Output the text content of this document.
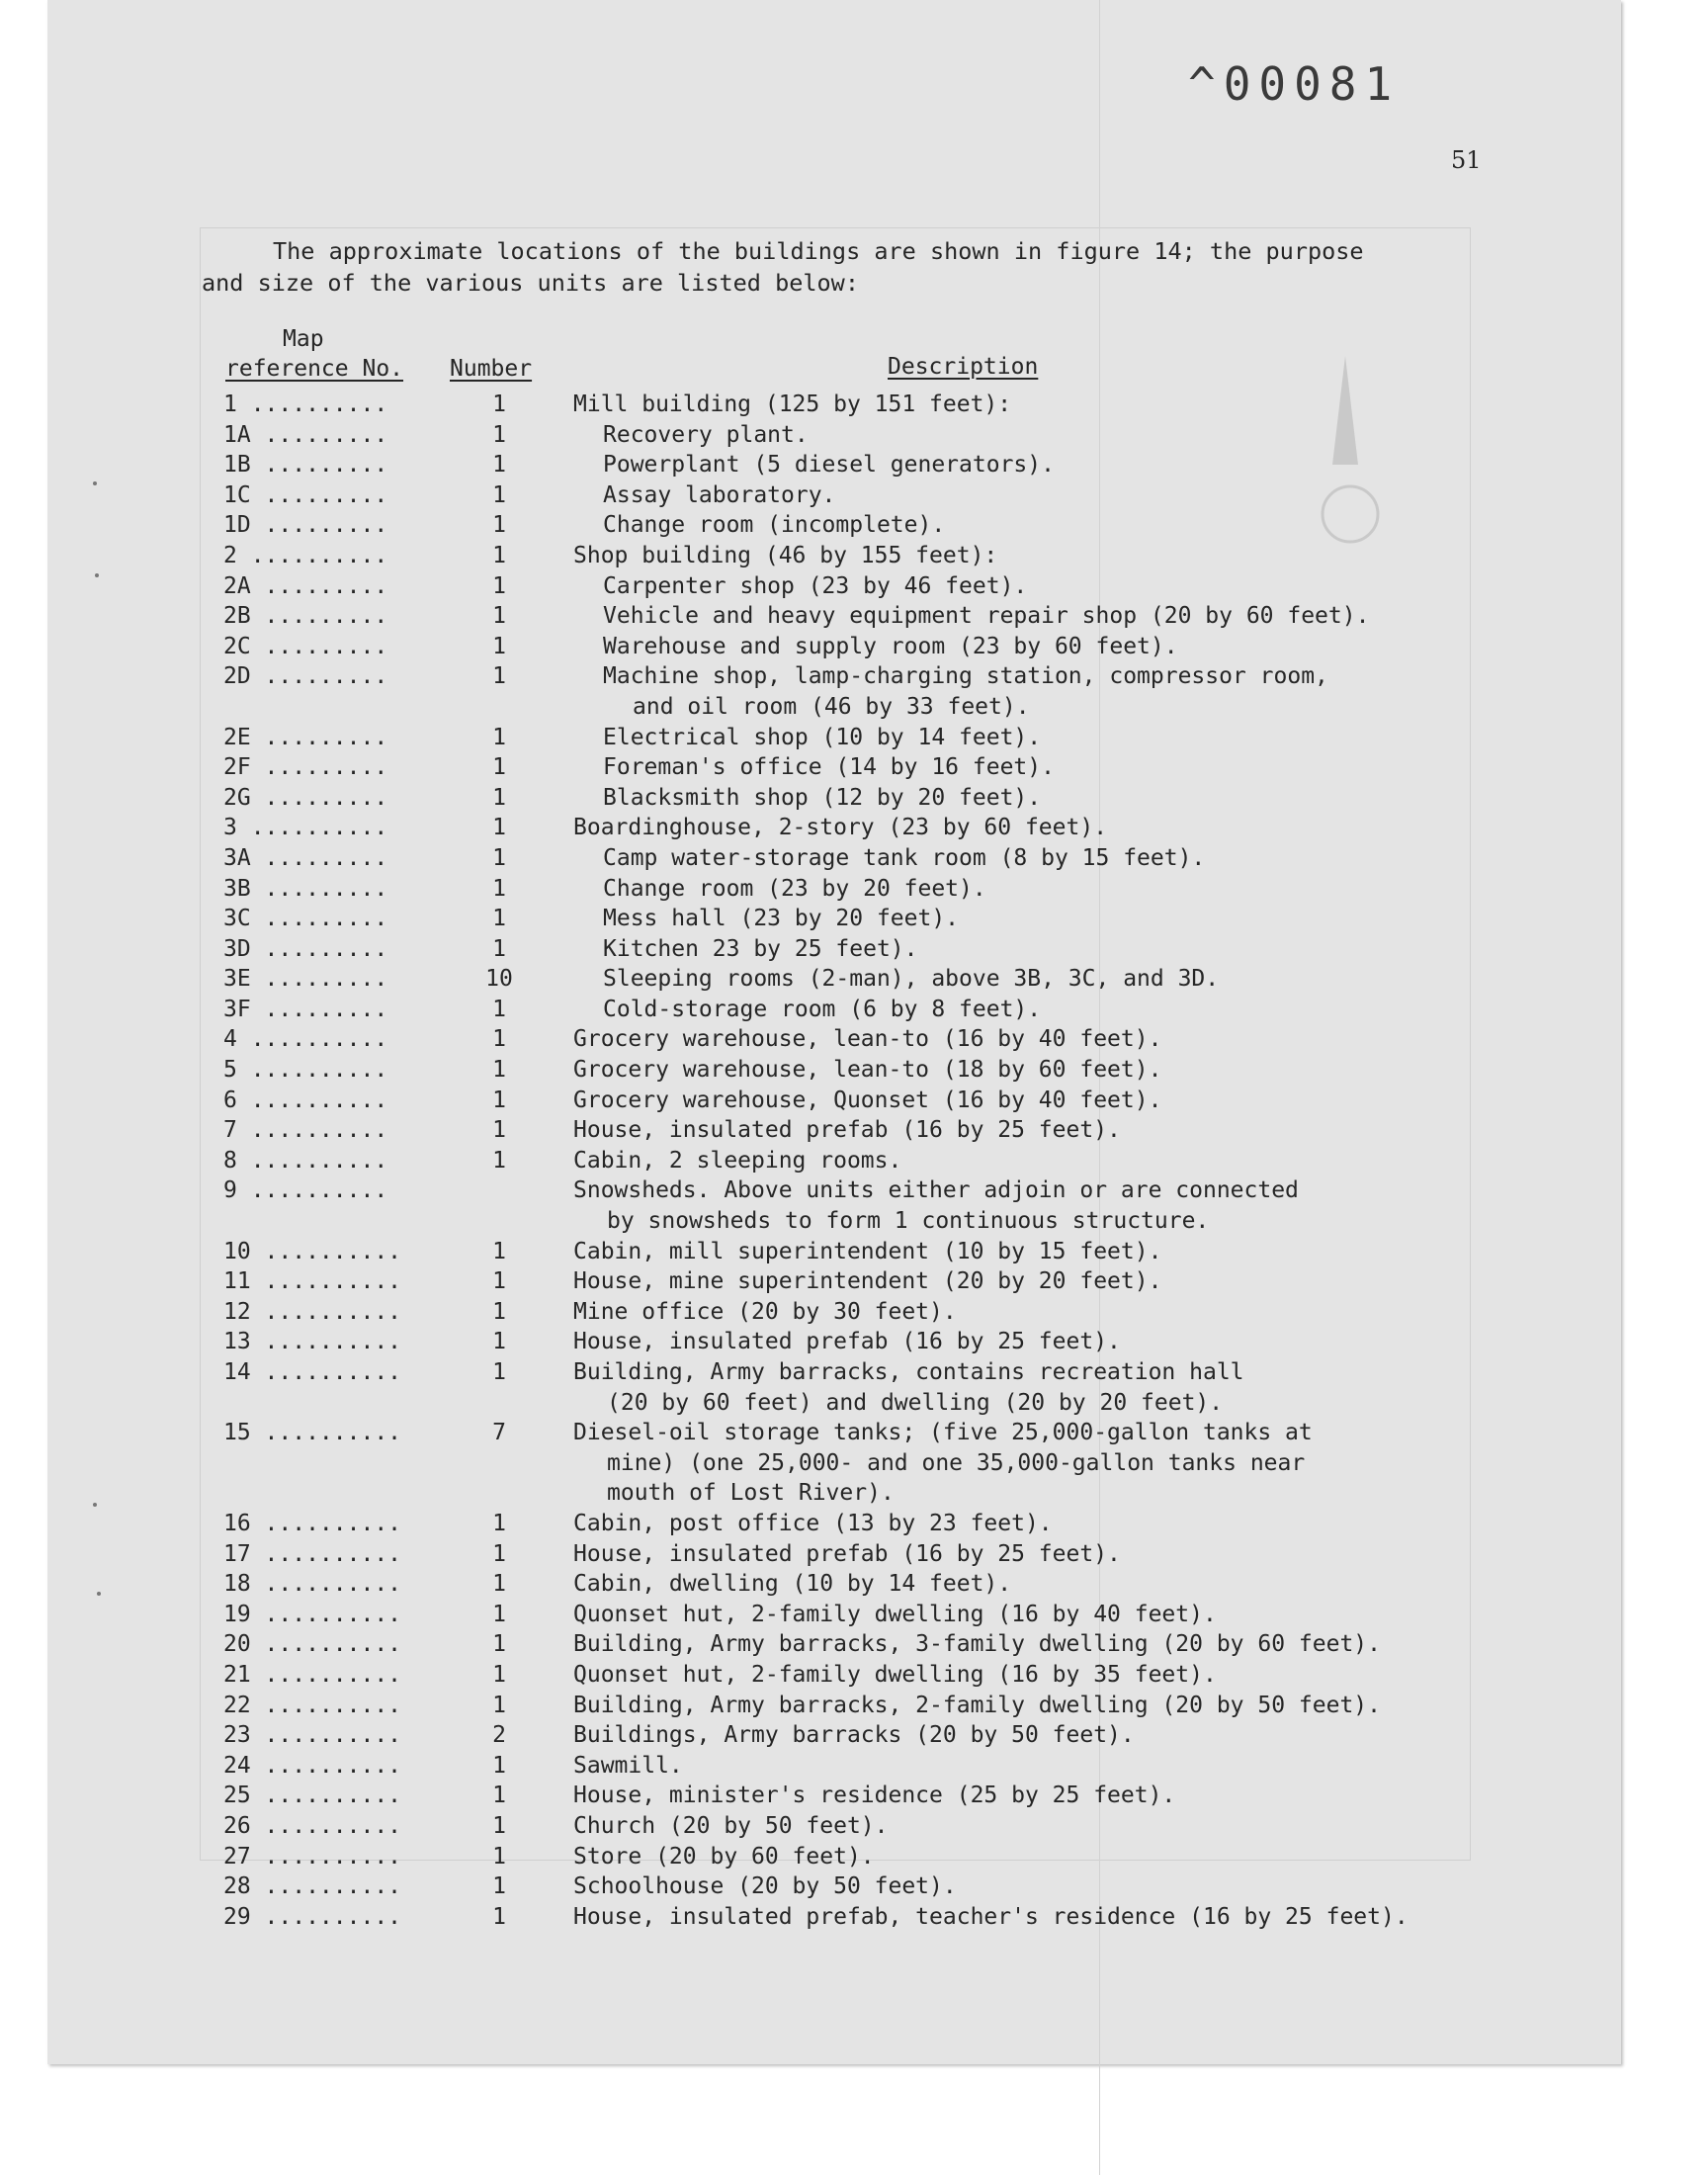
^00081
51
The approximate locations of the buildings are shown in figure 14; the purpose
and size of the various units are listed below:
Map
reference No. Number	Description
1 ..........	1	Mill building (125 by 151 feet):
1A .........	1	Recovery plant.
1B .........	1	Powerplant (5 diesel generators).
1C .........	1	Assay laboratory.
1D .........	1	Change room (incomplete).
2 ..........	1	Shop building (46 by 155 feet):
2A .........	1	Carpenter shop (23 by 46 feet).
2B .........	1	Vehicle and heavy equipment repair shop (20 by 60 feet).
2C .........	1	Warehouse and supply room (23 by 60 feet).
2D .........	1	Machine shop, lamp-charging station, compressor room,
and oil room (46 by 33 feet).
2E .........	1	Electrical shop (10 by 14 feet).
2F .........	1	Foreman's office (14 by 16 feet).
2G .........	1	Blacksmith shop (12 by 20 feet).
3 ..........	1	Boardinghouse, 2-story (23 by 60 feet).
3A .........	1	Camp water-storage tank room (8 by 15 feet).
3B .........	1	Change room (23 by 20 feet).
3C .........	1	Mess hall (23 by 20 feet).
3D .........	1	Kitchen 23 by 25 feet).
3E .........	10	Sleeping rooms (2-man), above 3B, 3C, and 3D.
3F .........	1	Cold-storage room (6 by 8 feet).
4 ..........	1	Grocery warehouse, lean-to (16 by 40 feet).
5 ..........	1	Grocery warehouse, lean-to (18 by 60 feet).
6 ..........	1	Grocery warehouse, Quonset (16 by 40 feet).
7 ..........	1	House, insulated prefab (16 by 25 feet).
8 ..........	1	Cabin, 2 sleeping rooms.
9 ..........	Snowsheds. Above units either adjoin or are connected
by snowsheds to form 1 continuous structure.
10 ..........	1	Cabin, mill superintendent (10 by 15 feet).
11 ..........	1	House, mine superintendent (20 by 20 feet).
12 ..........	1	Mine office (20 by 30 feet).
13 ..........	1	House, insulated prefab (16 by 25 feet).
14 ..........	1	Building, Army barracks, contains recreation hall
(20 by 60 feet) and dwelling (20 by 20 feet).
15 ..........	7	Diesel-oil storage tanks; (five 25,000-gallon tanks at
mine) (one 25,000- and one 35,000-gallon tanks near
mouth of Lost River).
16 ..........	1	Cabin, post office (13 by 23 feet).
17 ..........	1	House, insulated prefab (16 by 25 feet).
18 ..........	1	Cabin, dwelling (10 by 14 feet).
19 ..........	1	Quonset hut, 2-family dwelling (16 by 40 feet).
20 ..........	1	Building, Army barracks, 3-family dwelling (20 by 60 feet).
21 ..........	1	Quonset hut, 2-family dwelling (16 by 35 feet).
22 ..........	1	Building, Army barracks, 2-family dwelling (20 by 50 feet).
23 ..........	2	Buildings, Army barracks (20 by 50 feet).
24 ..........	1	Sawmill.
25 ..........	1	House, minister's residence (25 by 25 feet).
26 ..........	1	Church (20 by 50 feet).
27 ..........	1	Store (20 by 60 feet).
28 ..........	1	Schoolhouse (20 by 50 feet).
29 ..........	1	House, insulated prefab, teacher's residence (16 by 25 feet).
